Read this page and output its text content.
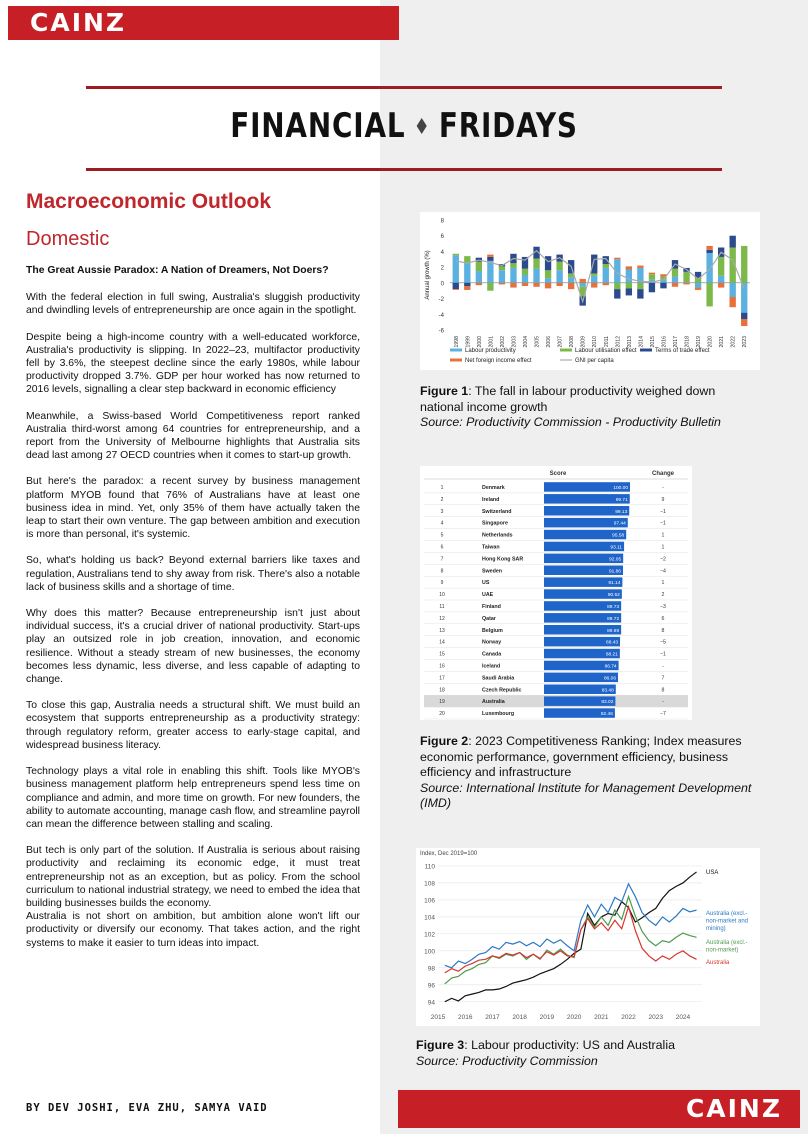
CAINZ
FINANCIAL ♦ FRIDAYS
Macroeconomic Outlook
Domestic

The Great Aussie Paradox: A Nation of Dreamers, Not Doers?

With the federal election in full swing, Australia's sluggish productivity and dwindling levels of entrepreneurship are once again in the spotlight.

Despite being a high-income country with a well-educated workforce, Australia's productivity is slipping. In 2022–23, multifactor productivity fell by 3.6%, the steepest decline since the early 1980s, while labour productivity dropped 3.7%. GDP per hour worked has now returned to 2016 levels, signalling a clear step backward in economic efficiency

Meanwhile, a Swiss-based World Competitiveness report ranked Australia third-worst among 64 countries for entrepreneurship, and a report from the University of Melbourne highlights that Australia sits dead last among 27 OECD countries when it comes to start-up growth.

But here's the paradox: a recent survey by business management platform MYOB found that 76% of Australians have at least one business idea in mind. Yet, only 35% of them have actually taken the leap to start their own venture. The gap between ambition and execution is more than personal, it's systemic.

So, what's holding us back? Beyond external barriers like taxes and regulation, Australians tend to shy away from risk. There's also a notable lack of business skills and a shortage of time.

Why does this matter? Because entrepreneurship isn't just about individual success, it's a crucial driver of national productivity. Start-ups play an outsized role in job creation, innovation, and economic resilience. Without a steady stream of new businesses, the economy becomes less dynamic, less diverse, and less capable of adapting to change.

To close this gap, Australia needs a structural shift. We must build an ecosystem that supports entrepreneurship as a productivity strategy: through regulatory reform, greater access to early-stage capital, and widespread business literacy.

Technology plays a vital role in enabling this shift. Tools like MYOB's business management platform help entrepreneurs spend less time on compliance and admin, and more time on growth. For new founders, the ability to automate accounting, manage cash flow, and streamline payroll can mean the difference between stalling and scaling.

But tech is only part of the solution. If Australia is serious about raising productivity and reclaiming its economic edge, it must treat entrepreneurship not as an exception, but as policy. From the school curriculum to national industrial strategy, we need to embed the idea that building businesses builds the economy.

Australia is not short on ambition, but ambition alone won't lift our productivity or diversify our economy. That takes action, and the right systems to make it easier to turn ideas into impact.

BY DEV JOSHI, EVA ZHU, SAMYA VAID	CAINZ
-6
-4
-2
0
2
4
6
8
Annual growth (%)
1998 1999 2000 2001 2002 2003 2004 2005 2006 2007 2008 2009 2010 2011 2012 2013 2014 2015 2016 2017 2018 2019 2020 2021 2022 2023
Labour productivity	Labour utilisation effect	Terms of trade effect
Net foreign income effect	GNI per capita
Figure 1: The fall in labour productivity weighed down national income growth
Source: Productivity Commission - Productivity Bulletin
Score	Change
1	Denmark	100.00	-
2	Ireland	99.71	9
3	Switzerland	99.13	−1
4	Singapore	97.44	−1
5	Netherlands	95.58	1
6	Taiwan	93.11	1
7	Hong Kong SAR	92.05	−2
8	Sweden	91.86	−4
9	US	91.14	1
10	UAE	90.52	2
11	Finland	89.73	−3
12	Qatar	89.72	6
13	Belgium	89.69	8
14	Norway	88.43	−5
15	Canada	88.21	−1
16	Iceland	86.74	-
17	Saudi Arabia	86.06	7
18	Czech Republic	83.48	8
19	Australia	83.02	-
20	Luxembourg	82.46	−7
Figure 2: 2023 Competitiveness Ranking; Index measures economic performance, government efficiency, business efficiency and infrastructure
Source: International Institute for Management Development (IMD)
Index, Dec 2019=100
94
96
98
100
102
104
106
108
110
2015 2016 2017 2018 2019 2020 2021 2022 2023 2024
USA
Australia (excl.-non-market and mining)
Australia (excl.-non-market)
Australia
Figure 3: Labour productivity: US and Australia
Source: Productivity Commission
